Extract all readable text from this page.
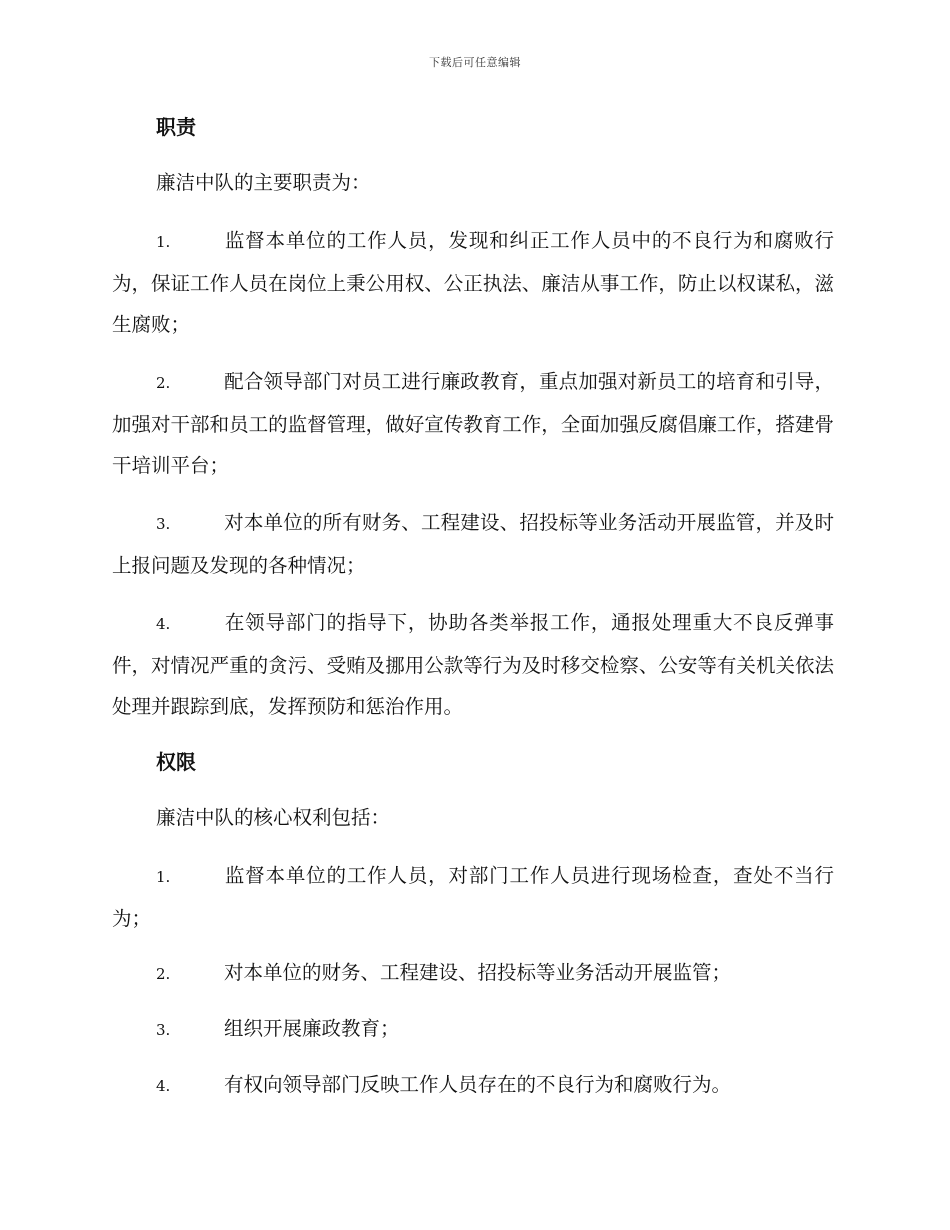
下载后可任意编辑
职责
廉洁中队的主要职责为：

1.	监督本单位的工作人员，发现和纠正工作人员中的不良行为和腐败行为，保证工作人员在岗位上秉公用权、公正执法、廉洁从事工作，防止以权谋私，滋生腐败；

2.	配合领导部门对员工进行廉政教育，重点加强对新员工的培育和引导，加强对干部和员工的监督管理，做好宣传教育工作，全面加强反腐倡廉工作，搭建骨干培训平台；

3.	对本单位的所有财务、工程建设、招投标等业务活动开展监管，并及时上报问题及发现的各种情况；

4.	在领导部门的指导下，协助各类举报工作，通报处理重大不良反弹事件，对情况严重的贪污、受贿及挪用公款等行为及时移交检察、公安等有关机关依法处理并跟踪到底，发挥预防和惩治作用。

权限
廉洁中队的核心权利包括：

1.	监督本单位的工作人员，对部门工作人员进行现场检查，查处不当行为；

2.	对本单位的财务、工程建设、招投标等业务活动开展监管；

3.	组织开展廉政教育；

4.	有权向领导部门反映工作人员存在的不良行为和腐败行为。
